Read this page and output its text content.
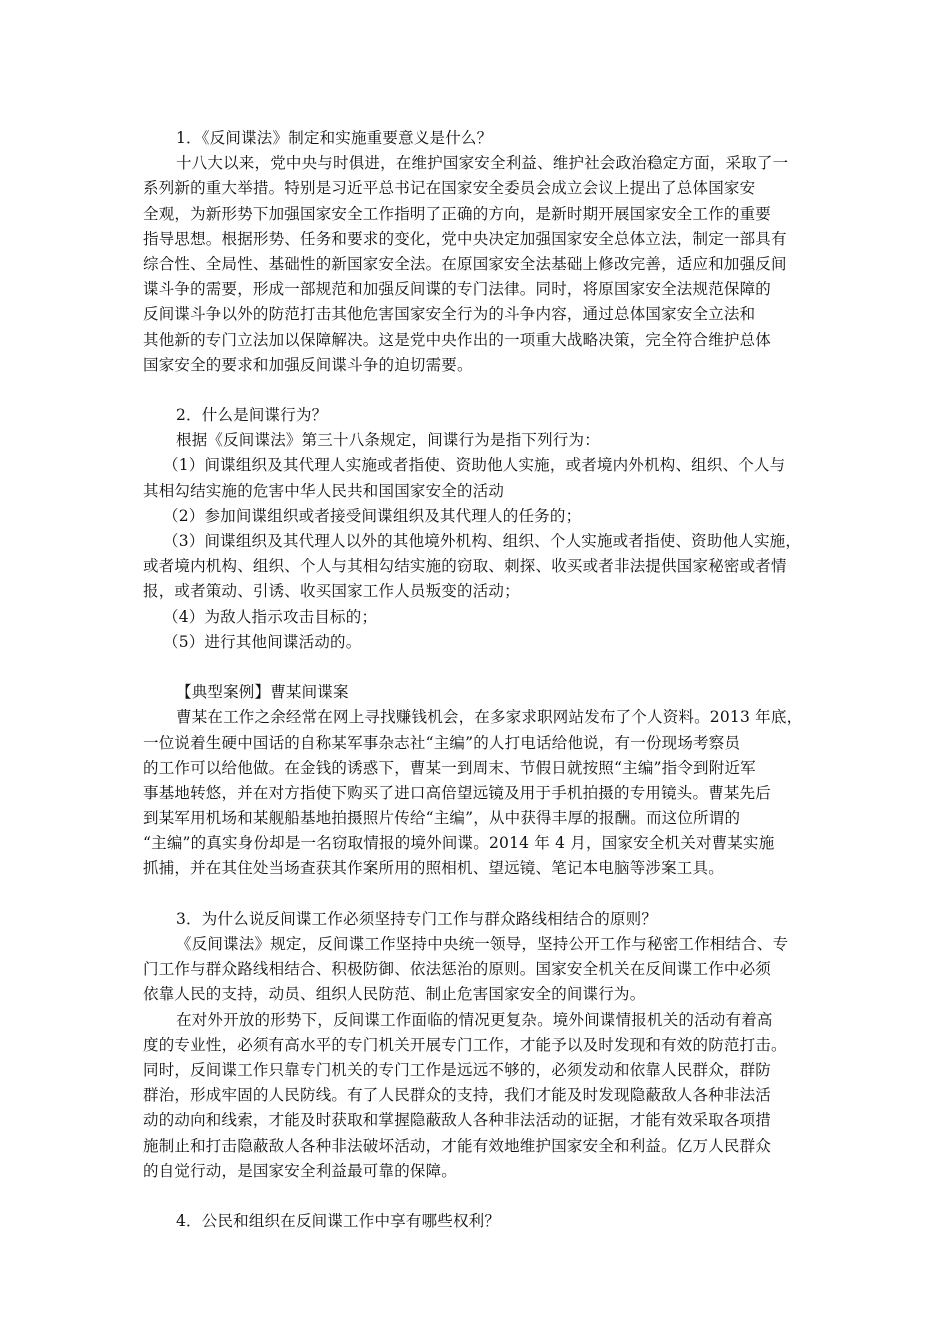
1．《反间谍法》制定和实施重要意义是什么？
十八大以来，党中央与时俱进，在维护国家安全利益、维护社会政治稳定方面，采取了一
系列新的重大举措。特别是习近平总书记在国家安全委员会成立会议上提出了总体国家安
全观，为新形势下加强国家安全工作指明了正确的方向，是新时期开展国家安全工作的重要
指导思想。根据形势、任务和要求的变化，党中央决定加强国家安全总体立法，制定一部具有
综合性、全局性、基础性的新国家安全法。在原国家安全法基础上修改完善，适应和加强反间
谍斗争的需要，形成一部规范和加强反间谍的专门法律。同时，将原国家安全法规范保障的
反间谍斗争以外的防范打击其他危害国家安全行为的斗争内容，通过总体国家安全立法和
其他新的专门立法加以保障解决。这是党中央作出的一项重大战略决策，完全符合维护总体
国家安全的要求和加强反间谍斗争的迫切需要。
2．什么是间谍行为？
根据《反间谍法》第三十八条规定，间谍行为是指下列行为：
（1）间谍组织及其代理人实施或者指使、资助他人实施，或者境内外机构、组织、个人与
其相勾结实施的危害中华人民共和国国家安全的活动
（2）参加间谍组织或者接受间谍组织及其代理人的任务的；
（3）间谍组织及其代理人以外的其他境外机构、组织、个人实施或者指使、资助他人实施，
或者境内机构、组织、个人与其相勾结实施的窃取、刺探、收买或者非法提供国家秘密或者情
报，或者策动、引诱、收买国家工作人员叛变的活动；
（4）为敌人指示攻击目标的；
（5）进行其他间谍活动的。
【典型案例】曹某间谍案
曹某在工作之余经常在网上寻找赚钱机会，在多家求职网站发布了个人资料。2013 年底，
一位说着生硬中国话的自称某军事杂志社“主编”的人打电话给他说，有一份现场考察员
的工作可以给他做。在金钱的诱惑下，曹某一到周末、节假日就按照“主编”指令到附近军
事基地转悠，并在对方指使下购买了进口高倍望远镜及用于手机拍摄的专用镜头。曹某先后
到某军用机场和某舰船基地拍摄照片传给“主编”，从中获得丰厚的报酬。而这位所谓的
“主编”的真实身份却是一名窃取情报的境外间谍。2014 年 4 月，国家安全机关对曹某实施
抓捕，并在其住处当场查获其作案所用的照相机、望远镜、笔记本电脑等涉案工具。
3．为什么说反间谍工作必须坚持专门工作与群众路线相结合的原则？
《反间谍法》规定，反间谍工作坚持中央统一领导，坚持公开工作与秘密工作相结合、专
门工作与群众路线相结合、积极防御、依法惩治的原则。国家安全机关在反间谍工作中必须
依靠人民的支持，动员、组织人民防范、制止危害国家安全的间谍行为。
在对外开放的形势下，反间谍工作面临的情况更复杂。境外间谍情报机关的活动有着高
度的专业性，必须有高水平的专门机关开展专门工作，才能予以及时发现和有效的防范打击。
同时，反间谍工作只靠专门机关的专门工作是远远不够的，必须发动和依靠人民群众，群防
群治，形成牢固的人民防线。有了人民群众的支持，我们才能及时发现隐蔽敌人各种非法活
动的动向和线索，才能及时获取和掌握隐蔽敌人各种非法活动的证据，才能有效采取各项措
施制止和打击隐蔽敌人各种非法破坏活动，才能有效地维护国家安全和利益。亿万人民群众
的自觉行动，是国家安全利益最可靠的保障。
4．公民和组织在反间谍工作中享有哪些权利？
